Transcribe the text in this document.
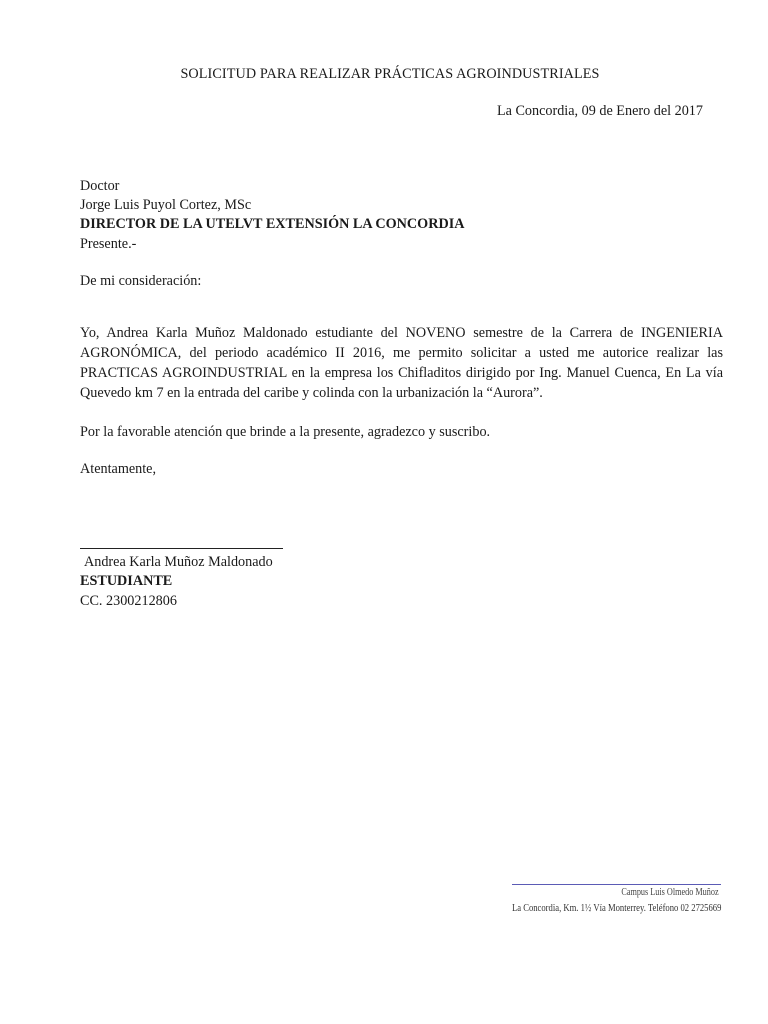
SOLICITUD PARA REALIZAR PRÁCTICAS AGROINDUSTRIALES

La Concordia, 09 de Enero del 2017

Doctor

Jorge Luis Puyol Cortez, MSc

DIRECTOR DE LA UTELVT EXTENSIÓN LA CONCORDIA

Presente.-

De mi consideración:

Yo, Andrea Karla Muñoz Maldonado estudiante del NOVENO semestre de la Carrera de INGENIERIA AGRONÓMICA, del periodo académico II 2016, me permito solicitar a usted me autorice realizar las PRACTICAS AGROINDUSTRIAL en la empresa los Chifladitos dirigido por Ing. Manuel Cuenca, En La vía Quevedo km 7 en la entrada del caribe y colinda con la urbanización la “Aurora”.

Por la favorable atención que brinde a la presente, agradezco y suscribo.

Atentamente,

Andrea Karla Muñoz Maldonado

ESTUDIANTE

CC. 2300212806

Campus Luis Olmedo Muñoz
La Concordia, Km. 1½ Vía Monterrey. Teléfono 02 2725669
